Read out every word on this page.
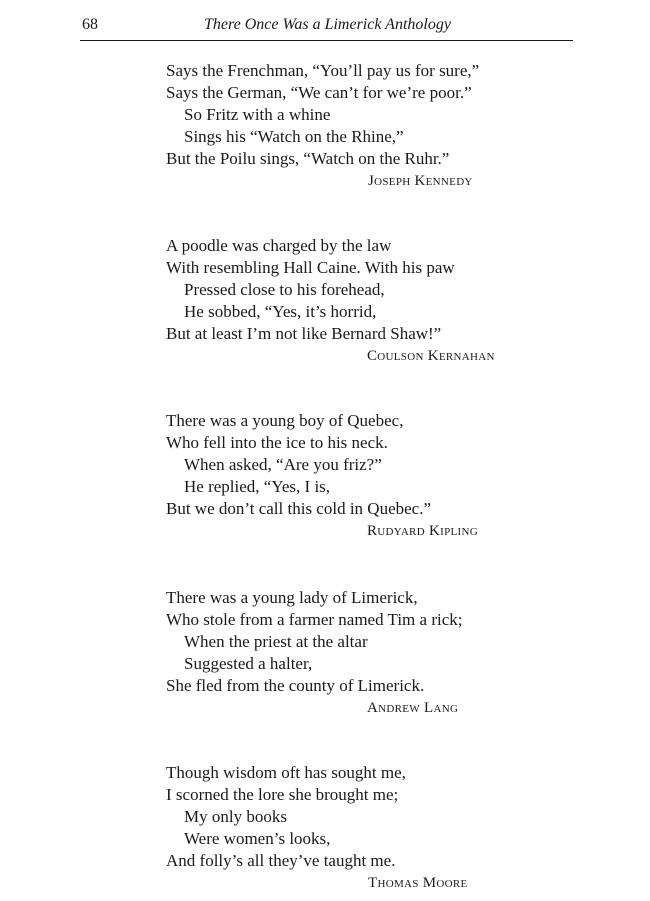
68	There Once Was a Limerick Anthology
Says the Frenchman, “You’ll pay us for sure,”
Says the German, “We can’t for we’re poor.”
So Fritz with a whine
Sings his “Watch on the Rhine,”
But the Poilu sings, “Watch on the Ruhr.”
Joseph Kennedy
A poodle was charged by the law
With resembling Hall Caine. With his paw
Pressed close to his forehead,
He sobbed, “Yes, it’s horrid,
But at least I’m not like Bernard Shaw!”
Coulson Kernahan
There was a young boy of Quebec,
Who fell into the ice to his neck.
When asked, “Are you friz?”
He replied, “Yes, I is,
But we don’t call this cold in Quebec.”
Rudyard Kipling
There was a young lady of Limerick,
Who stole from a farmer named Tim a rick;
When the priest at the altar
Suggested a halter,
She fled from the county of Limerick.
Andrew Lang
Though wisdom oft has sought me,
I scorned the lore she brought me;
My only books
Were women’s looks,
And folly’s all they’ve taught me.
Thomas Moore
